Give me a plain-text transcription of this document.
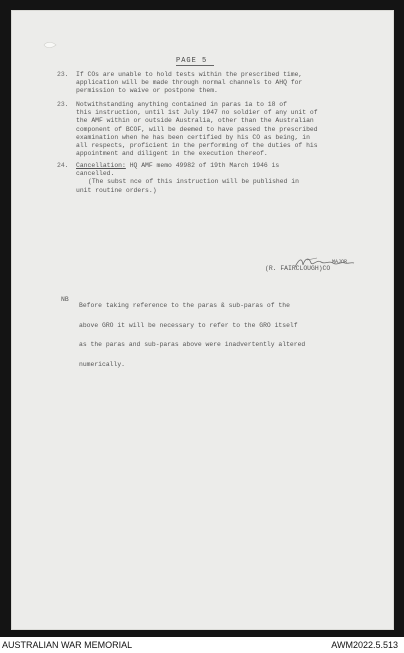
PAGE 5
23. If COs are unable to hold tests within the prescribed time,
application will be made through normal channels to AHQ for
permission to waive or postpone them.
23. Notwithstanding anything contained in paras 1a to 18 of
this instruction, until 1st July 1947 no soldier of any unit of
the AMF within or outside Australia, other than the Australian
component of BCOF, will be deemed to have passed the prescribed
examination when he has been certified by his CO as being, in
all respects, proficient in the performing of the duties of his
appointment and diligent in the execution thereof.
24. Cancellation: HQ AMF memo 49982 of 19th March 1946 is
cancelled.
(The subst nce of this instruction will be published in
unit routine orders.)
MAJOR
(R. FAIRCLOUGH)CO
NB
Before taking reference to the paras & sub-paras of the
above GRO it will be necessary to refer to the GRO itself
as the paras and sub-paras above were inadvertently altered
numerically.
AUSTRALIAN WAR MEMORIAL	AWM2022.5.513
